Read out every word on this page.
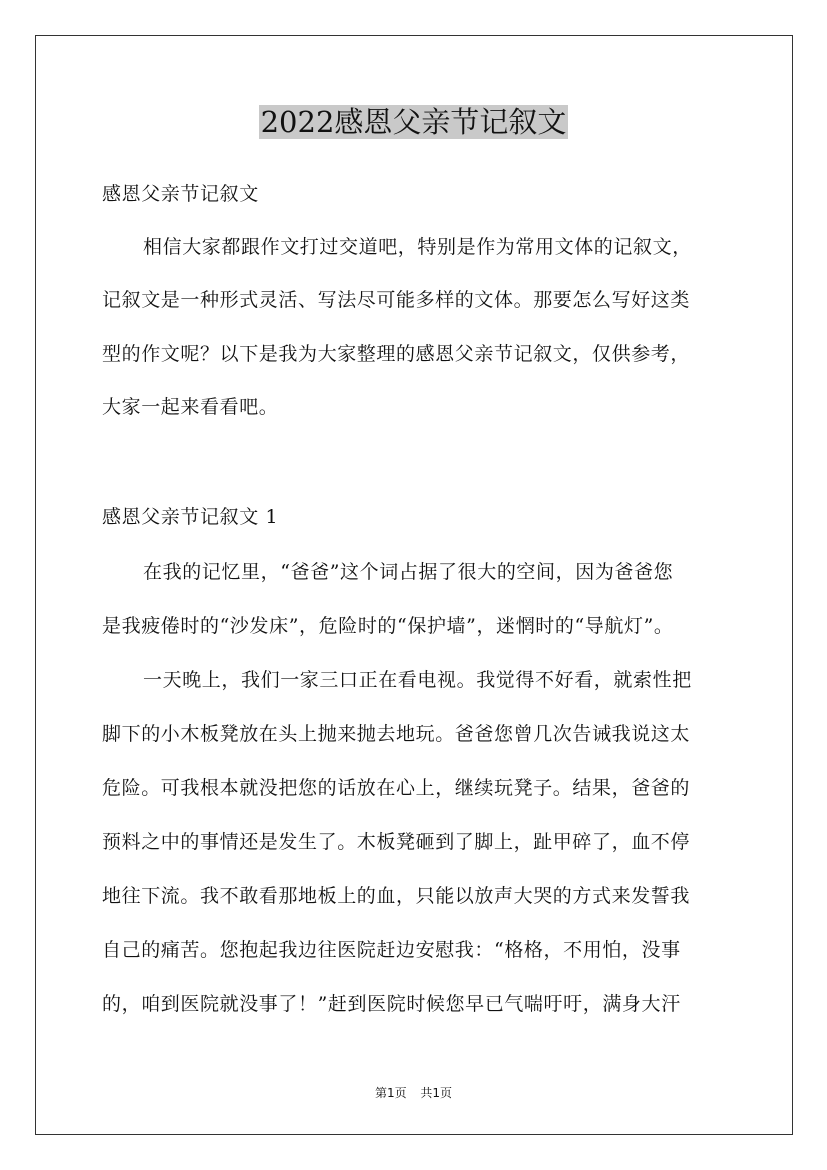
2022感恩父亲节记叙文
感恩父亲节记叙文
相信大家都跟作文打过交道吧，特别是作为常用文体的记叙文，
记叙文是一种形式灵活、写法尽可能多样的文体。那要怎么写好这类
型的作文呢？以下是我为大家整理的感恩父亲节记叙文，仅供参考，
大家一起来看看吧。
感恩父亲节记叙文 1
在我的记忆里，“爸爸”这个词占据了很大的空间，因为爸爸您
是我疲倦时的“沙发床”，危险时的“保护墙”，迷惘时的“导航灯”。
一天晚上，我们一家三口正在看电视。我觉得不好看，就索性把
脚下的小木板凳放在头上抛来抛去地玩。爸爸您曾几次告诫我说这太
危险。可我根本就没把您的话放在心上，继续玩凳子。结果，爸爸的
预料之中的事情还是发生了。木板凳砸到了脚上，趾甲碎了，血不停
地往下流。我不敢看那地板上的血，只能以放声大哭的方式来发誓我
自己的痛苦。您抱起我边往医院赶边安慰我：“格格，不用怕，没事
的，咱到医院就没事了！”赶到医院时候您早已气喘吁吁，满身大汗
第1页 共1页
